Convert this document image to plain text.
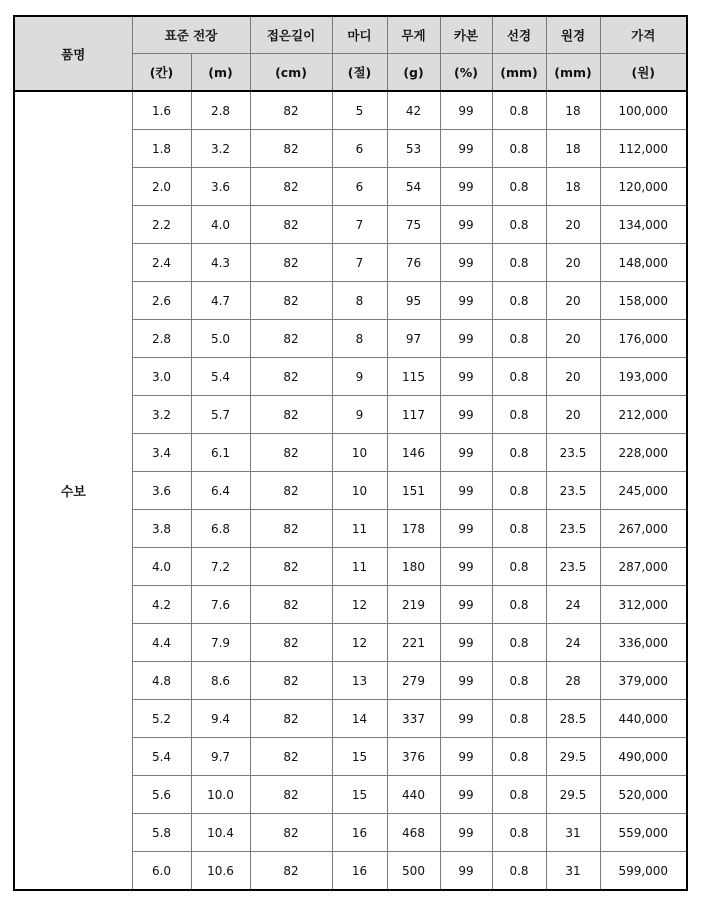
품명	표준 전장		접은길이	마디	무게	카본	선경	원경	가격
	(칸)	(m)	(cm)	(절)	(g)	(%)	(mm)	(mm)	(원)
수보	1.6	2.8	82	5	42	99	0.8	18	100,000
	1.8	3.2	82	6	53	99	0.8	18	112,000
	2.0	3.6	82	6	54	99	0.8	18	120,000
	2.2	4.0	82	7	75	99	0.8	20	134,000
	2.4	4.3	82	7	76	99	0.8	20	148,000
	2.6	4.7	82	8	95	99	0.8	20	158,000
	2.8	5.0	82	8	97	99	0.8	20	176,000
	3.0	5.4	82	9	115	99	0.8	20	193,000
	3.2	5.7	82	9	117	99	0.8	20	212,000
	3.4	6.1	82	10	146	99	0.8	23.5	228,000
	3.6	6.4	82	10	151	99	0.8	23.5	245,000
	3.8	6.8	82	11	178	99	0.8	23.5	267,000
	4.0	7.2	82	11	180	99	0.8	23.5	287,000
	4.2	7.6	82	12	219	99	0.8	24	312,000
	4.4	7.9	82	12	221	99	0.8	24	336,000
	4.8	8.6	82	13	279	99	0.8	28	379,000
	5.2	9.4	82	14	337	99	0.8	28.5	440,000
	5.4	9.7	82	15	376	99	0.8	29.5	490,000
	5.6	10.0	82	15	440	99	0.8	29.5	520,000
	5.8	10.4	82	16	468	99	0.8	31	559,000
	6.0	10.6	82	16	500	99	0.8	31	599,000
